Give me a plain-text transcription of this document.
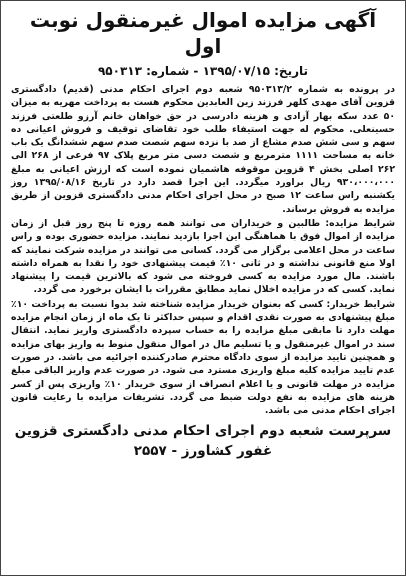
آگهی مزایده اموال غیرمنقول نوبت اول
تاریخ: ۱۳۹۵/۰۷/۱۵ - شماره: ۹۵۰۳۱۳

در پرونده به شماره ۹۵۰۳۱۳/۲ شعبه دوم اجرای احکام مدنی (قدیم) دادگستری قزوین آقای مهدی کلهر فرزند زین العابدین محکوم هست به پرداخت مهریه به میزان ۵۰ عدد سکه بهار آزادی و هزینه دادرسی در حق خواهان خانم آرزو طلعتی فرزند حسینعلی. محکوم له جهت استیفاء طلب خود تقاضای توقیف و فروش اعیانی ده سهم و سی شش صدم مشاع از صد با نزده سهم شصت صدم سهم ششدانگ یک باب خانه به مساحت ۱۱۱۱ مترمربع و شصت دسی متر مربع پلاک ۹۷ فرعی از ۲۶۸ الی ۲۶۲ اصلی بخش ۴ قزوین موقوفه هاشمیان نموده است که ارزش اعیانی به مبلغ ۹۳۰،۰۰۰،۰۰۰ ریال براورد میگردد. این اجرا قصد دارد در تاریخ ۱۳۹۵/۰۸/۱۶ روز یکشنبه راس ساعت ۱۲ صبح در محل اجرای احکام مدنی دادگستری قزوین از طریق مزایده به فروش برساند.

شرایط مزایده: طالبین و خریداران می توانند همه روزه تا پنج روز قبل از زمان مزایده از اموال فوق با هماهنگی این اجرا بازدید نمایند. مزایده حضوری بوده و راس ساعت در محل اعلامی برگزار می گردد. کسانی می توانند در مزایده شرکت نمایند که اولا منع قانونی نداشته و در ثانی ۱۰٪ قیمت پیشنهادی خود را نقدا به همراه داشته باشند. مال مورد مزایده به کسی فروخته می شود که بالاترین قیمت را پیشنهاد نماید. کسی که در مزایده اخلال نماید مطابق مقررات با ایشان برخورد می گردد.

شرایط خریدار: کسی که بعنوان خریدار مزایده شناخته شد بدوا نسبت به پرداخت ۱۰٪ مبلغ پیشنهادی به صورت نقدی اقدام و سپس حداکثر تا یک ماه از زمان انجام مزایده مهلت دارد تا مابقی مبلغ مزایده را به حساب سپرده دادگستری واریز نماید. انتقال سند در اموال غیرمنقول و یا تسلیم مال در اموال منقول منوط به واریز بهای مزایده و همچنین تایید مزایده از سوی دادگاه محترم صادرکننده اجرائیه می باشد. در صورت عدم تایید مزایده کلیه مبلغ واریزی مسترد می شود. در صورت عدم واریز الباقی مبلغ مزایده در مهلت قانونی و یا اعلام انصراف از سوی خریدار ۱۰٪ واریزی پس از کسر هزینه های مزایده به نفع دولت ضبط می گردد. تشریفات مزایده با رعایت قانون اجرای احکام مدنی می باشد.

سرپرست شعبه دوم اجرای احکام مدنی دادگستری قزوین
غفور کشاورز - ۲۵۵۷
